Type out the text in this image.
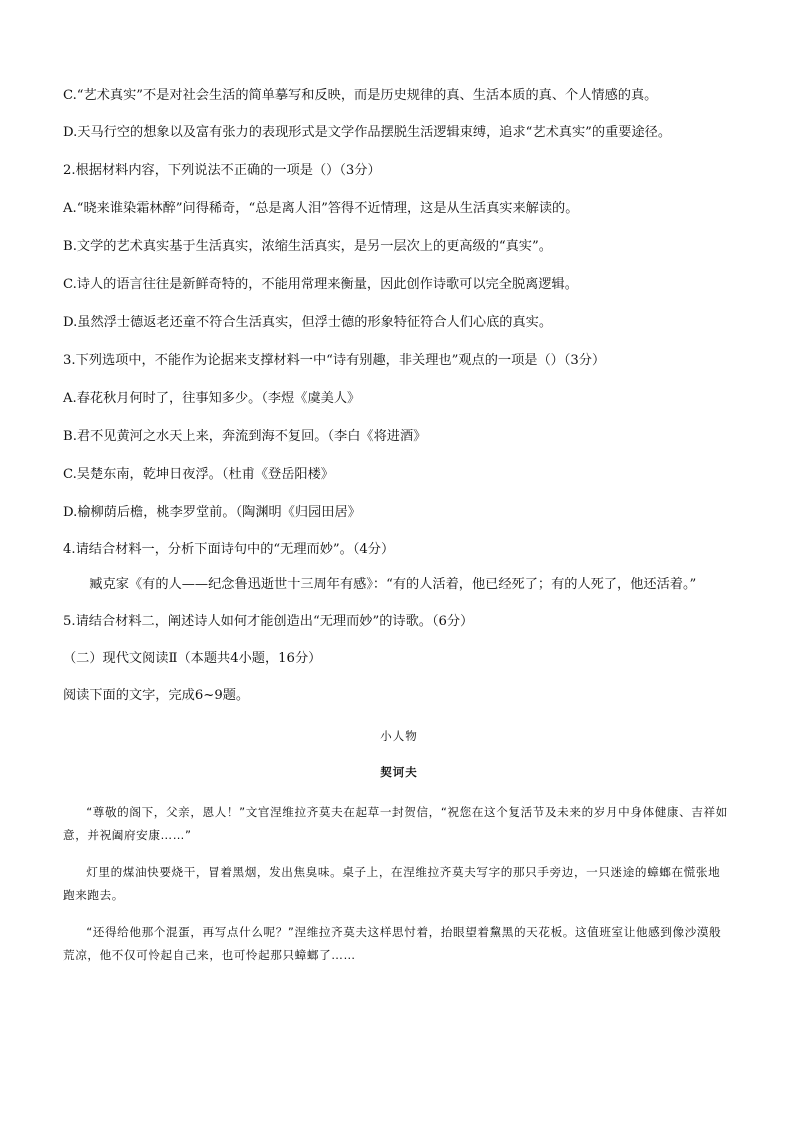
C.“艺术真实”不是对社会生活的简单摹写和反映，而是历史规律的真、生活本质的真、个人情感的真。

D.天马行空的想象以及富有张力的表现形式是文学作品摆脱生活逻辑束缚，追求“艺术真实”的重要途径。

2.根据材料内容，下列说法不正确的一项是（）（3分）

A.“晓来谁染霜林醉”问得稀奇，“总是离人泪”答得不近情理，这是从生活真实来解读的。

B.文学的艺术真实基于生活真实，浓缩生活真实，是另一层次上的更高级的“真实”。

C.诗人的语言往往是新鲜奇特的，不能用常理来衡量，因此创作诗歌可以完全脱离逻辑。

D.虽然浮士德返老还童不符合生活真实，但浮士德的形象特征符合人们心底的真实。

3.下列选项中，不能作为论据来支撑材料一中“诗有别趣，非关理也”观点的一项是（）（3分）

A.春花秋月何时了，往事知多少。（李煜《虞美人》

B.君不见黄河之水天上来，奔流到海不复回。（李白《将进酒》

C.吴楚东南，乾坤日夜浮。（杜甫《登岳阳楼》

D.榆柳荫后檐，桃李罗堂前。（陶渊明《归园田居》

4.请结合材料一，分析下面诗句中的“无理而妙”。（4分）

臧克家《有的人——纪念鲁迅逝世十三周年有感》：“有的人活着，他已经死了；有的人死了，他还活着。”

5.请结合材料二，阐述诗人如何才能创造出“无理而妙”的诗歌。（6分）

（二）现代文阅读Ⅱ（本题共4小题，16分）

阅读下面的文字，完成6~9题。

小人物

契诃夫

“尊敬的阁下，父亲，恩人！”文官涅维拉齐莫夫在起草一封贺信，“祝您在这个复活节及未来的岁月中身体健康、吉祥如意，并祝阖府安康……”

灯里的煤油快要烧干，冒着黑烟，发出焦臭味。桌子上，在涅维拉齐莫夫写字的那只手旁边，一只迷途的蟑螂在慌张地跑来跑去。

“还得给他那个混蛋，再写点什么呢？”涅维拉齐莫夫这样思忖着，抬眼望着黧黑的天花板。这值班室让他感到像沙漠般荒凉，他不仅可怜起自己来，也可怜起那只蟑螂了……
